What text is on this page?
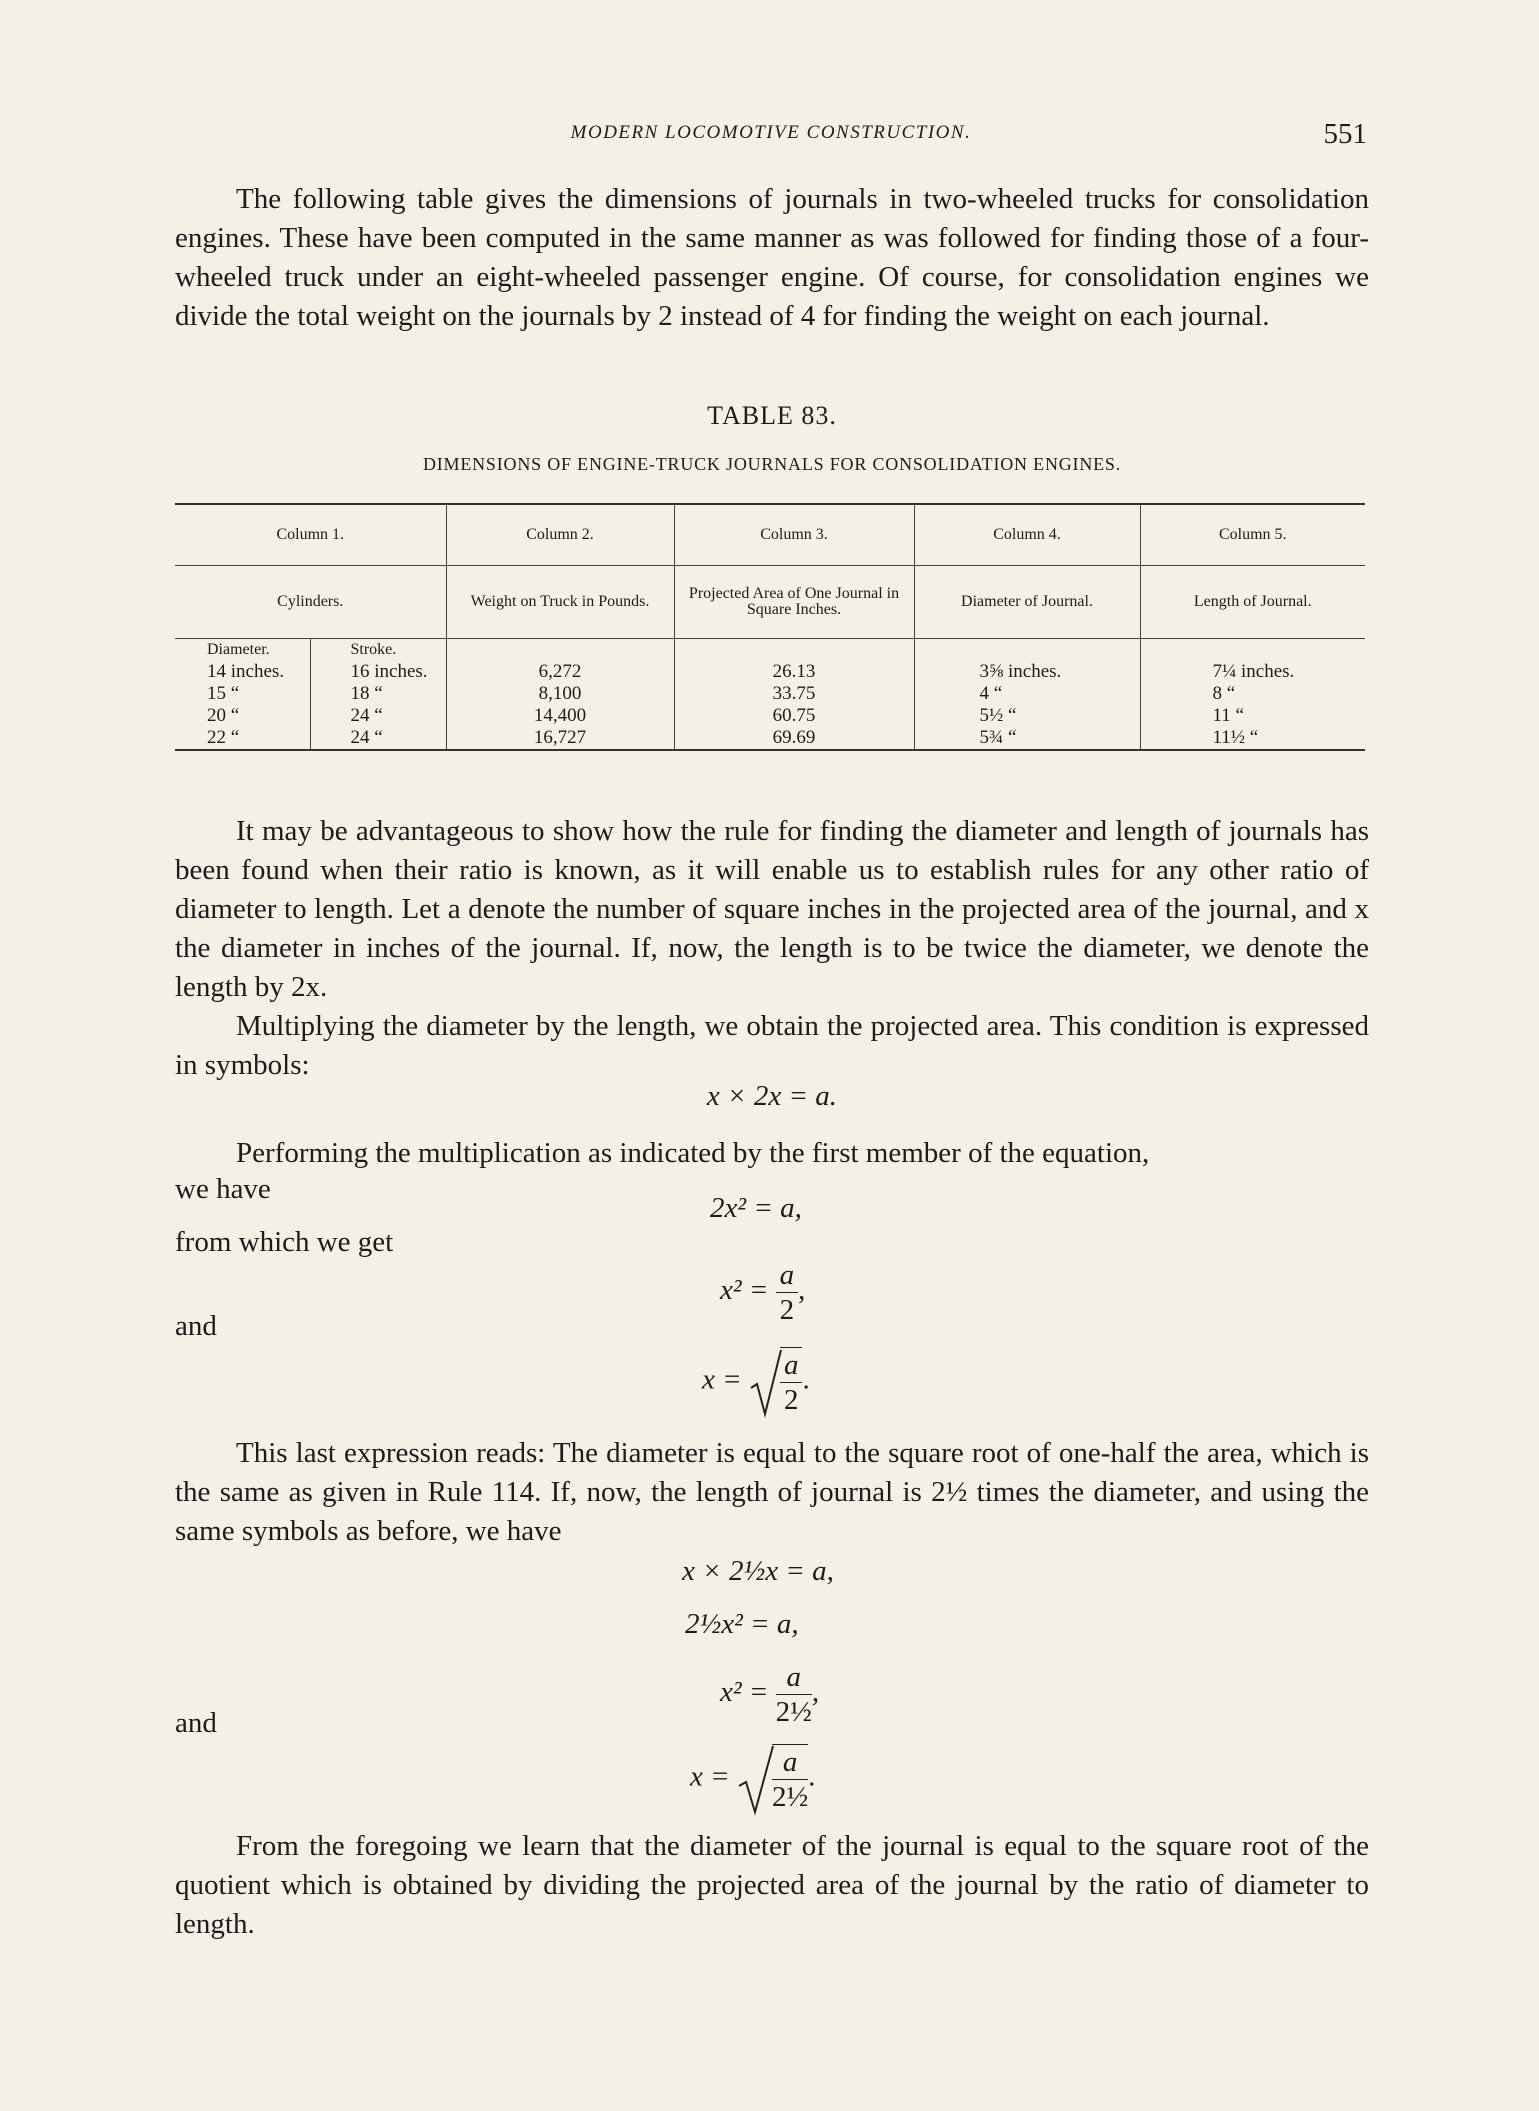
MODERN LOCOMOTIVE CONSTRUCTION.	551

The following table gives the dimensions of journals in two-wheeled trucks for consolidation engines. These have been computed in the same manner as was followed for finding those of a four-wheeled truck under an eight-wheeled passenger engine. Of course, for consolidation engines we divide the total weight on the journals by 2 instead of 4 for finding the weight on each journal.

TABLE 83.
DIMENSIONS OF ENGINE-TRUCK JOURNALS FOR CONSOLIDATION ENGINES.
Column 1.		Column 2.	Column 3.	Column 4.	Column 5.
Cylinders.		Weight on Truck in Pounds.	Projected Area of One Journal in Square Inches.	Diameter of Journal.	Length of Journal.
Diameter.	Stroke.				
14 inches.	16 inches.	6,272	26.13	3⅝ inches.	7¼ inches.
15 “	18 “	8,100	33.75	4 “	8 “
20 “	24 “	14,400	60.75	5½ “	11 “
22 “	24 “	16,727	69.69	5¾ “	11½ “

It may be advantageous to show how the rule for finding the diameter and length of journals has been found when their ratio is known, as it will enable us to establish rules for any other ratio of diameter to length. Let a denote the number of square inches in the projected area of the journal, and x the diameter in inches of the journal. If, now, the length is to be twice the diameter, we denote the length by 2x.

Multiplying the diameter by the length, we obtain the projected area. This condition is expressed in symbols:

x × 2x = a.

Performing the multiplication as indicated by the first member of the equation,

we have
2x² = a,
from which we get
$x^2 = \frac{a}{2}$ ,
and
$x = \frac{a}{2}$ .

This last expression reads: The diameter is equal to the square root of one-half the area, which is the same as given in Rule 114. If, now, the length of journal is 2½ times the diameter, and using the same symbols as before, we have

x × 2½x = a,
2½x² = a,
$x^2 = \frac{a}{\text{2½}}$ ,
and
$x = \frac{a}{\text{2½}}$ .

From the foregoing we learn that the diameter of the journal is equal to the square root of the quotient which is obtained by dividing the projected area of the journal by the ratio of diameter to length.
